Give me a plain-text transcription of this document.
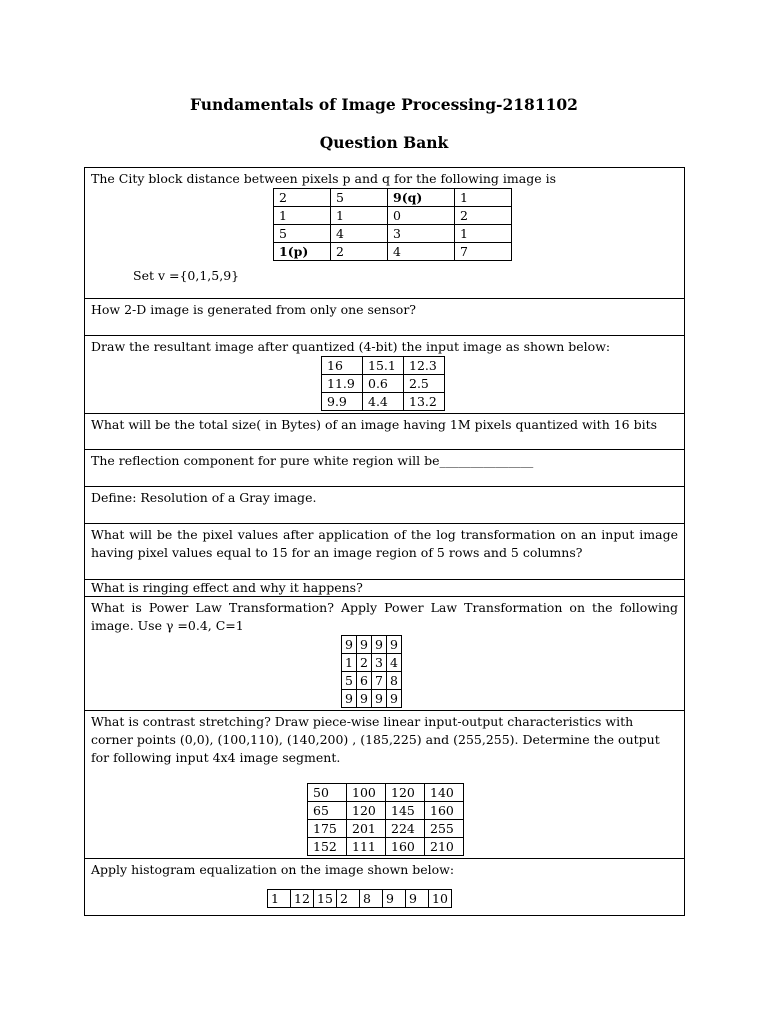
Fundamentals of Image Processing-2181102
Question Bank

The City block distance between pixels p and q for the following image is

2	5	9(q)	1
1	1	0	2
5	4	3	1
1(p)	2	4	7

Set v ={0,1,5,9}

How 2-D image is generated from only one sensor?

Draw the resultant image after quantized (4-bit) the input image as shown below:

16	15.1	12.3
11.9	0.6	2.5
9.9	4.4	13.2

What will be the total size( in Bytes) of an image having 1M pixels quantized with 16 bits

The reflection component for pure white region will be_______________

Define: Resolution of a Gray image.

What will be the pixel values after application of the log transformation on an input image having pixel values equal to 15 for an image region of 5 rows and 5 columns?

What is ringing effect and why it happens?

What is Power Law Transformation? Apply Power Law Transformation on the following image. Use γ =0.4, C=1

9	9	9	9
1	2	3	4
5	6	7	8
9	9	9	9

What is contrast stretching? Draw piece-wise linear input-output characteristics with corner points (0,0), (100,110), (140,200) , (185,225) and (255,255). Determine the output for following input 4x4 image segment.

50	100	120	140
65	120	145	160
175	201	224	255
152	111	160	210

Apply histogram equalization on the image shown below:

1	12	15	2	8	9	9	10
